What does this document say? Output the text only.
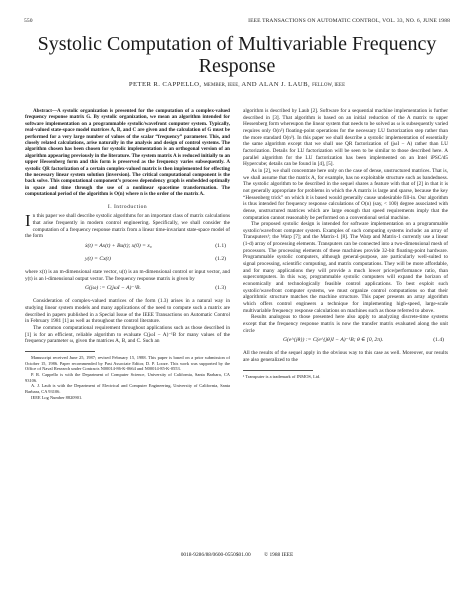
550	IEEE TRANSACTIONS ON AUTOMATIC CONTROL, VOL. 33, NO. 6, JUNE 1988
Systolic Computation of Multivariable Frequency Response
PETER R. CAPPELLO, MEMBER, IEEE, AND ALAN J. LAUB, FELLOW, IEEE

Abstract—A systolic organization is presented for the computation of a complex-valued frequency response matrix G. By systolic organization, we mean an algorithm intended for software implementation on a programmable systolic/wavefront computer system. Typically, real-valued state-space model matrices A, B, and C are given and the calculation of G must be performed for a very large number of values of the scalar “frequency” parameter. This, and closely related calculations, arise naturally in the analysis and design of control systems. The algorithm chosen has been chosen for systolic implementation is an orthogonal version of an algorithm appearing previously in the literature. The system matrix A is reduced initially to an upper Hessenberg form and this form is preserved as the frequency varies subsequently. A systolic QR factorization of a certain complex-valued matrix is then implemented for effecting the necessary linear system solution (inversion). The critical computational component is the back solve. This computational component’s process dependency graph is embedded optimally in space and time through the use of a nonlinear spacetime transformation. The computational period of the algorithm is O(n) where n is the order of the matrix A.

I. Introduction

In this paper we shall describe systolic algorithms for an important class of matrix calculations that arise frequently in modern control engineering. Specifically, we shall consider the computation of a frequency response matrix from a linear time-invariant state-space model of the form

ẋ(t) = Ax(t) + Bu(t); x(0) = x₀	(1.1)
y(t) = Cx(t)	(1.2)

where x(t) is an m-dimensional state vector, u(t) is an m-dimensional control or input vector, and y(t) is an l-dimensional output vector. The frequency response matrix is given by

G(jω) := C(jωI − A)⁻¹B.	(1.3)

Consideration of complex-valued matrices of the form (1.3) arises in a natural way in studying linear system models and many applications of the need to compute such a matrix are described in papers published in a Special Issue of the IEEE Transactions on Automatic Control in February 1981 [1] as well as throughout the control literature.

The common computational requirement throughout applications such as those described in [1] is for an efficient, reliable algorithm to evaluate C(jωI − A)⁻¹B for many values of the frequency parameter ω, given the matrices A, B, and C. Such an

Manuscript received June 25, 1987; revised February 15, 1988. This paper is based on a prior submission of October 15, 1986. Paper recommended by Past Associate Editor, D. P. Looze. This work was supported by the Office of Naval Research under Contracts N00014-86-K-0664 and N00014-85-K-0553.

P. R. Cappello is with the Department of Computer Science, University of California, Santa Barbara, CA 93106.

A. J. Laub is with the Department of Electrical and Computer Engineering, University of California, Santa Barbara, CA 93106.

IEEE Log Number 8820901.

algorithm is described by Laub [2]. Software for a sequential machine implementation is further described in [3]. That algorithm is based on an initial reduction of the A matrix to upper Hessenberg form whereupon the linear system that needs to be solved as ω is subsequently varied requires only O(n²) floating-point operations for the necessary LU factorization step rather than the more standard O(n³). In this paper we shall describe a systolic implementation of essentially the same algorithm except that we shall use QR factorization of (jωI − A) rather than LU factorization. Details for LU factorization will be seen to be similar to those described here. A parallel algorithm for the LU factorization has been implemented on an Intel iPSC/d5 Hypercube; details can be found in [4], [5].

As in [2], we shall concentrate here only on the case of dense, unstructured matrices. That is, we shall assume that the matrix A, for example, has no exploitable structure such as bandedness. The systolic algorithm to be described in the sequel shares a feature with that of [2] in that it is not generally appropriate for problems in which the A matrix is large and sparse, because the key “Hessenberg trick” on which it is based would generally cause undesirable fill-in. Our algorithm is thus intended for frequency response calculations of O(n) (say, < 100) degree associated with dense, unstructured matrices which are large enough that speed requirements imply that the computation cannot reasonably be performed on a conventional serial machine.

The proposed systolic design is intended for software implementation on a programmable systolic/wavefront computer system. Examples of such computing systems include: an array of Transputers¹; the Warp [7]; and the Matrix-1 [8]. The Warp and Matrix-1 currently use a linear (1-d) array of processing elements. Transputers can be connected into a two-dimensional mesh of processors. The processing elements of these machines provide 32-bit floating-point hardware. Programmable systolic computers, although general-purpose, are particularly well-suited to signal processing, scientific computing, and matrix computations. They will be more affordable, and for many applications they will provide a much lower price/performance ratio, than supercomputers. In this way, programmable systolic computers will expand the horizon of economically and technologically feasible control applications. To best exploit such systolic/wavefront computer systems, we must organize control computations so that their algorithmic structure matches the machine structure. This paper presents an array algorithm which offers control engineers a technique for implementing high-speed, large-scale multivariable frequency response calculations on machines such as those referred to above.

Results analogous to those presented here also apply to analyzing discrete-time systems except that the frequency response matrix is now the transfer matrix evaluated along the unit circle

G(e^{jθ}) := C(e^{jθ}I − A)⁻¹B; θ ∈ [0, 2π).	(1.4)

All the results of the sequel apply in the obvious way to this case as well. Moreover, our results are also generalized to the

¹ Transputer is a trademark of INMOS, Ltd.
0018-9286/88/0600-0550$01.00 © 1988 IEEE
